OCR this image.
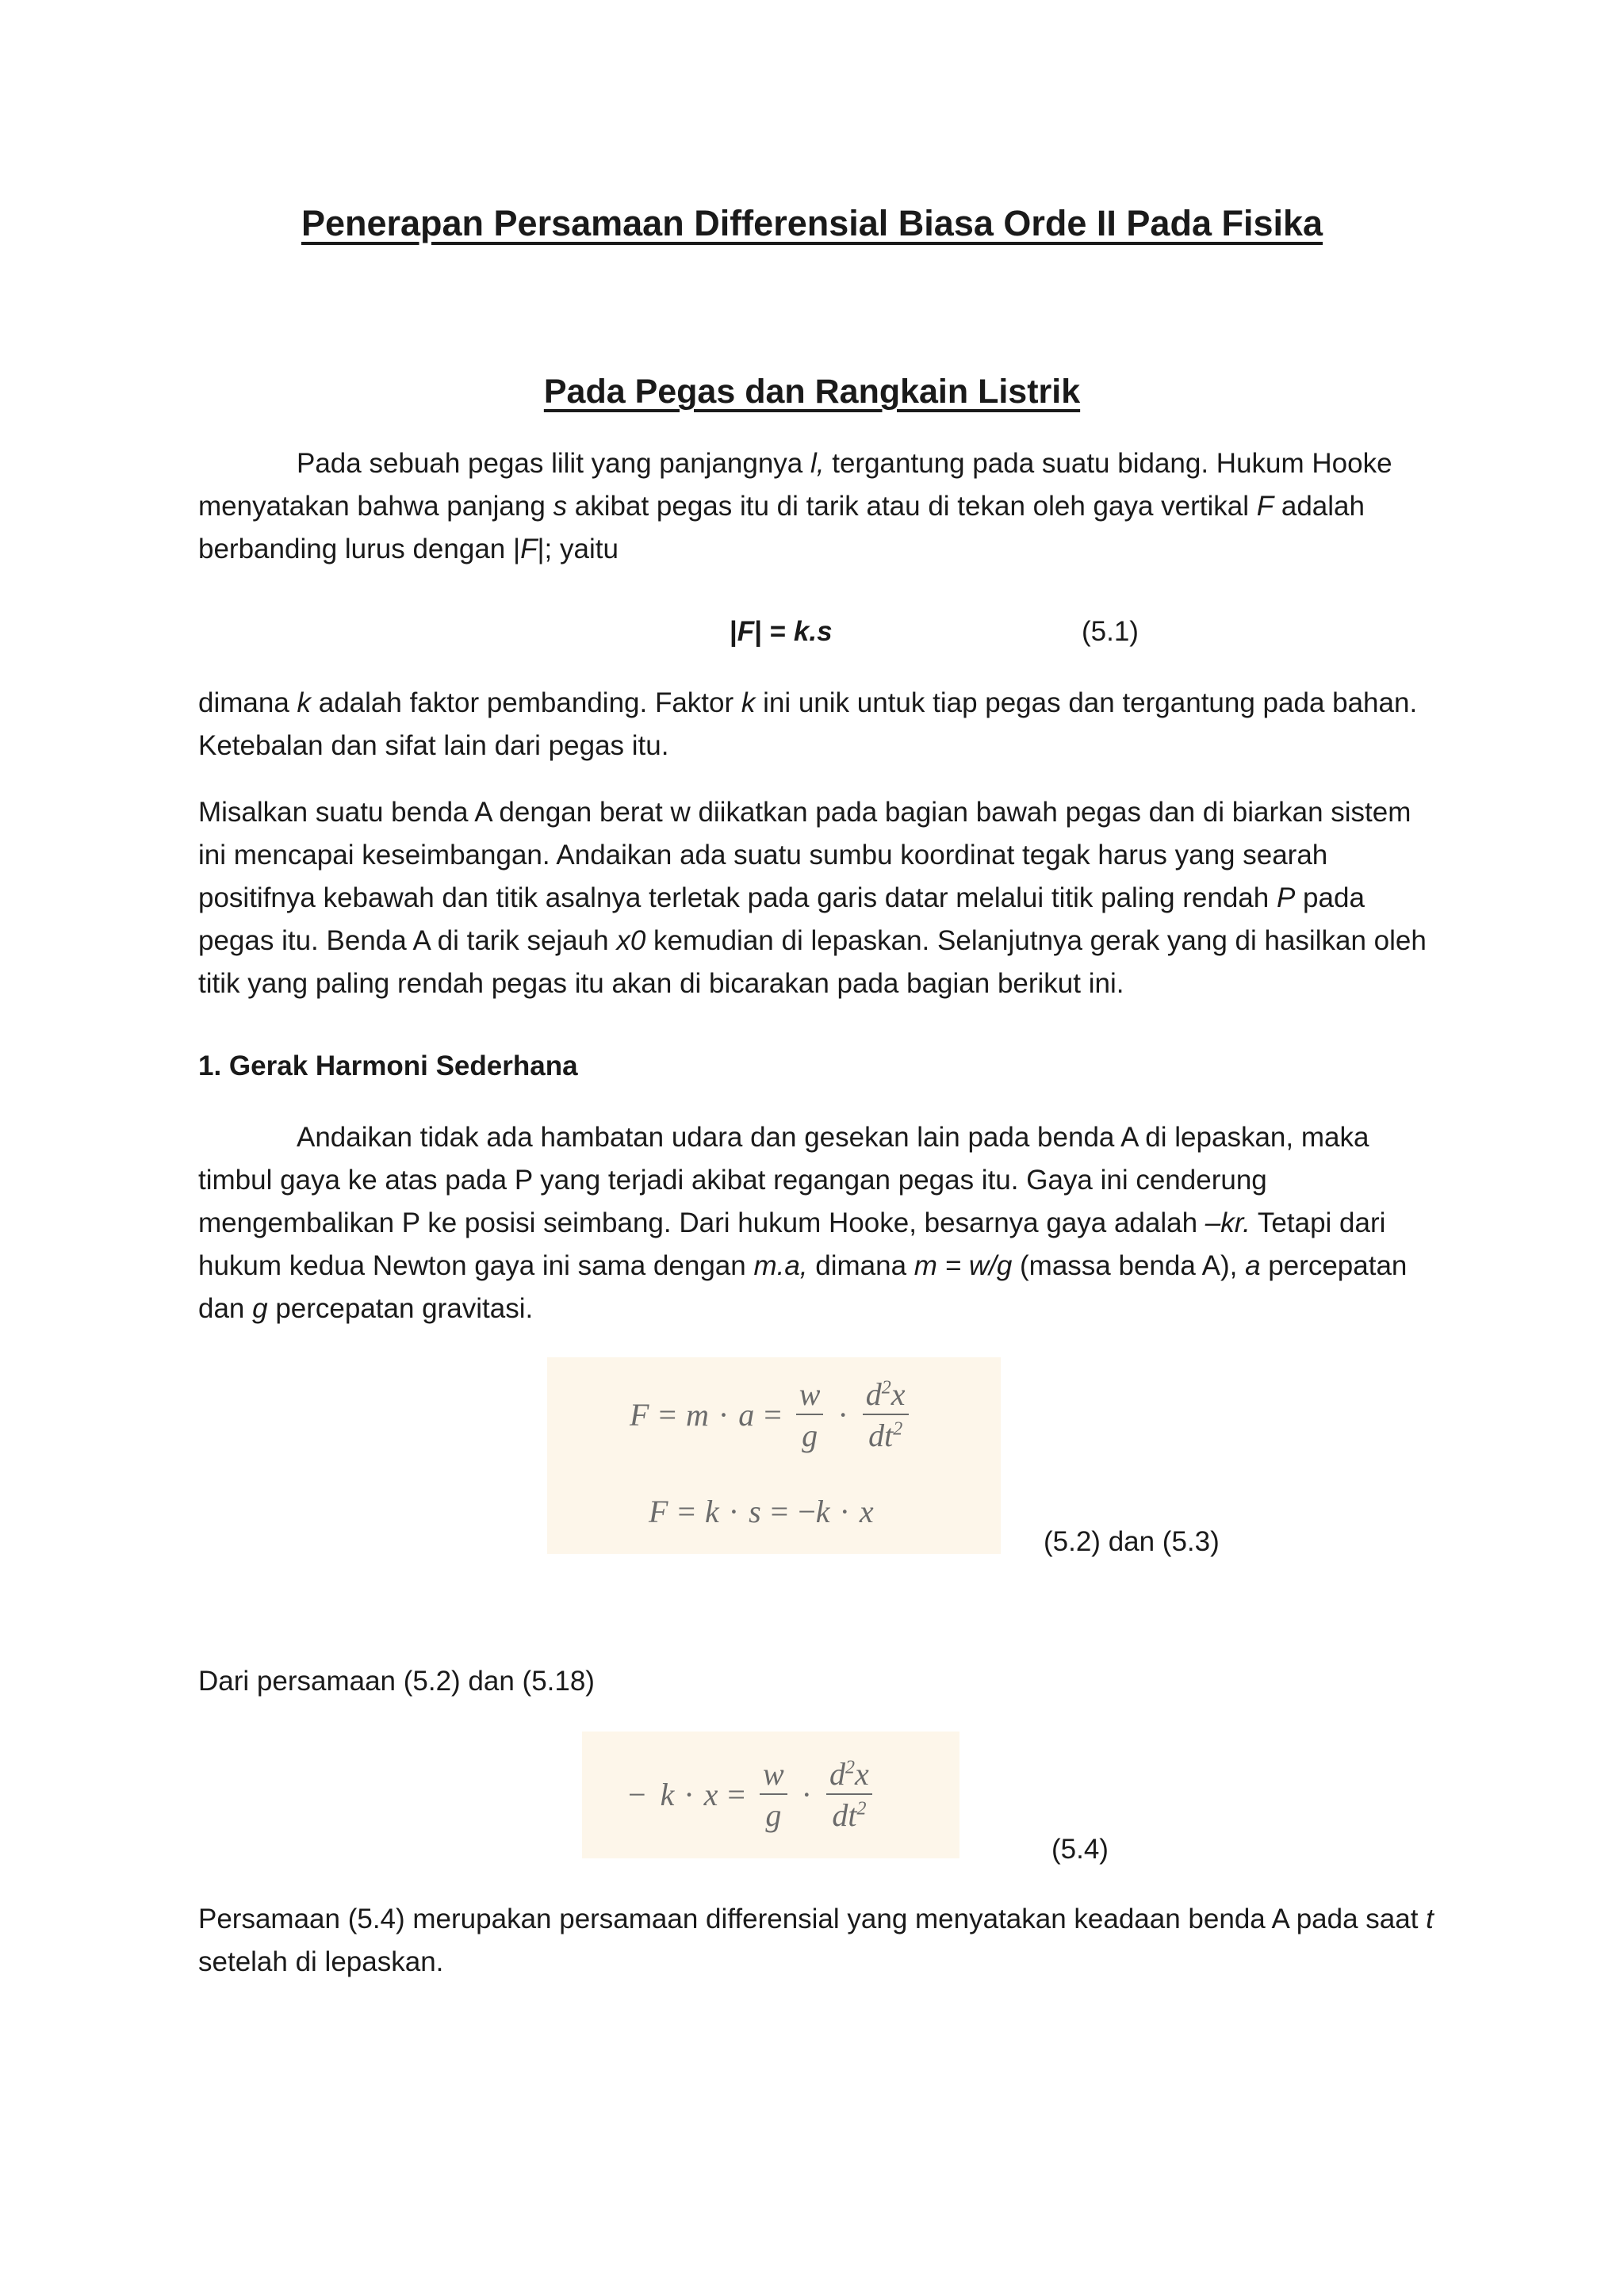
Penerapan Persamaan Differensial Biasa Orde II Pada Fisika
Pada Pegas dan Rangkain Listrik
Pada sebuah pegas lilit yang panjangnya l, tergantung pada suatu bidang. Hukum Hooke
menyatakan bahwa panjang s akibat pegas itu di tarik atau di tekan oleh gaya vertikal F adalah
berbanding lurus dengan |F|; yaitu
|F| = k.s	(5.1)
dimana k adalah faktor pembanding. Faktor k ini unik untuk tiap pegas dan tergantung pada bahan.
Ketebalan dan sifat lain dari pegas itu.
Misalkan suatu benda A dengan berat w diikatkan pada bagian bawah pegas dan di biarkan sistem
ini mencapai keseimbangan. Andaikan ada suatu sumbu koordinat tegak harus yang searah
positifnya kebawah dan titik asalnya terletak pada garis datar melalui titik paling rendah P pada
pegas itu. Benda A di tarik sejauh x0 kemudian di lepaskan. Selanjutnya gerak yang di hasilkan oleh
titik yang paling rendah pegas itu akan di bicarakan pada bagian berikut ini.
1. Gerak Harmoni Sederhana
Andaikan tidak ada hambatan udara dan gesekan lain pada benda A di lepaskan, maka
timbul gaya ke atas pada P yang terjadi akibat regangan pegas itu. Gaya ini cenderung
mengembalikan P ke posisi seimbang. Dari hukum Hooke, besarnya gaya adalah –kr. Tetapi dari
hukum kedua Newton gaya ini sama dengan m.a, dimana m = w/g (massa benda A), a percepatan
dan g percepatan gravitasi.
$F = m \cdot a = \frac{w}{g} \cdot \frac{d^2x}{dt^2}$
F = k · s = − k · x
(5.2) dan (5.3)
Dari persamaan (5.2) dan (5.18)
− $k \cdot x = \frac{w}{g} \cdot \frac{d^2x}{dt^2}$
(5.4)
Persamaan (5.4) merupakan persamaan differensial yang menyatakan keadaan benda A pada saat t
setelah di lepaskan.
